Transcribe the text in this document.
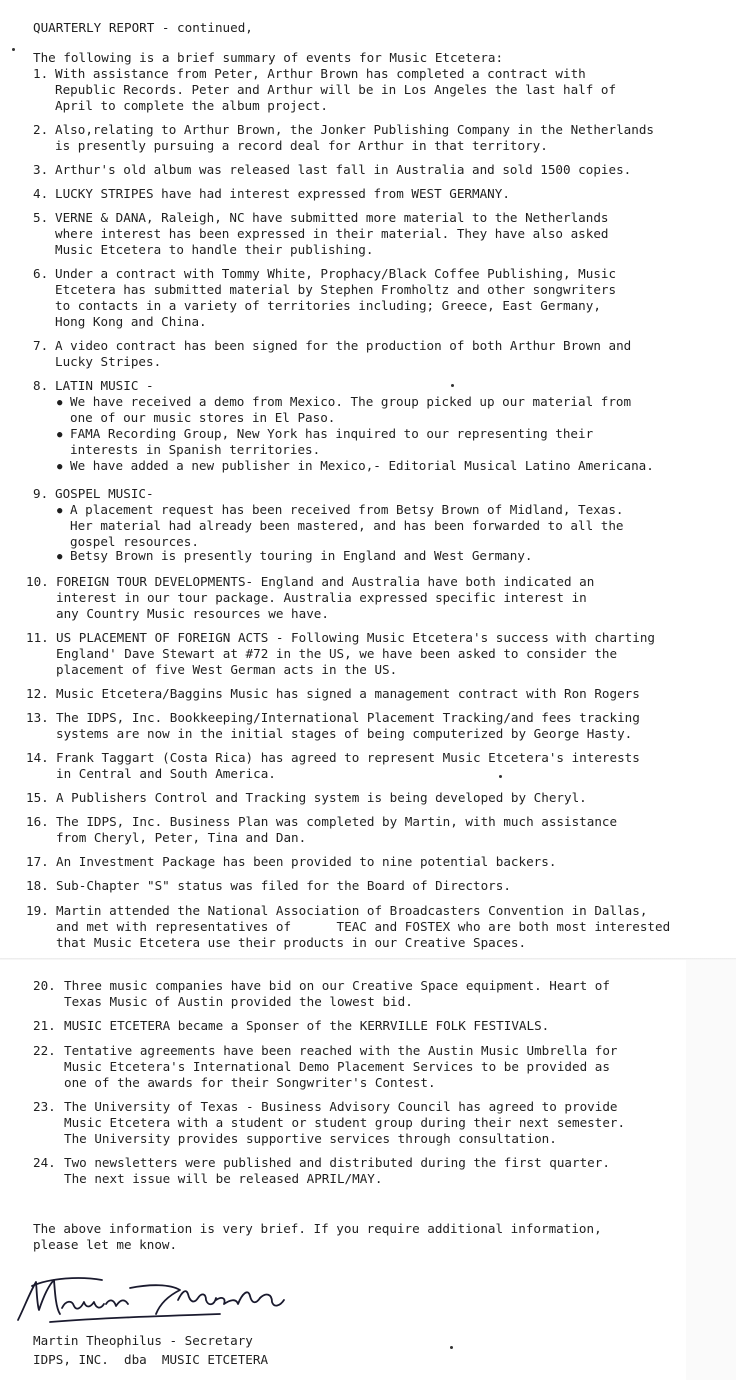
QUARTERLY REPORT - continued,
The following is a brief summary of events for Music Etcetera:
1. With assistance from Peter, Arthur Brown has completed a contract with
Republic Records. Peter and Arthur will be in Los Angeles the last half of
April to complete the album project.
2. Also,relating to Arthur Brown, the Jonker Publishing Company in the Netherlands
is presently pursuing a record deal for Arthur in that territory.
3. Arthur's old album was released last fall in Australia and sold 1500 copies.
4. LUCKY STRIPES have had interest expressed from WEST GERMANY.
5. VERNE & DANA, Raleigh, NC have submitted more material to the Netherlands
where interest has been expressed in their material. They have also asked
Music Etcetera to handle their publishing.
6. Under a contract with Tommy White, Prophacy/Black Coffee Publishing, Music
Etcetera has submitted material by Stephen Fromholtz and other songwriters
to contacts in a variety of territories including; Greece, East Germany,
Hong Kong and China.
7. A video contract has been signed for the production of both Arthur Brown and
Lucky Stripes.
8. LATIN MUSIC -
9. GOSPEL MUSIC-
10. FOREIGN TOUR DEVELOPMENTS- England and Australia have both indicated an
interest in our tour package. Australia expressed specific interest in
any Country Music resources we have.
11. US PLACEMENT OF FOREIGN ACTS - Following Music Etcetera's success with charting
England' Dave Stewart at #72 in the US, we have been asked to consider the
placement of five West German acts in the US.
12. Music Etcetera/Baggins Music has signed a management contract with Ron Rogers
13. The IDPS, Inc. Bookkeeping/International Placement Tracking/and fees tracking
systems are now in the initial stages of being computerized by George Hasty.
14. Frank Taggart (Costa Rica) has agreed to represent Music Etcetera's interests
in Central and South America.
15. A Publishers Control and Tracking system is being developed by Cheryl.
16. The IDPS, Inc. Business Plan was completed by Martin, with much assistance
from Cheryl, Peter, Tina and Dan.
17. An Investment Package has been provided to nine potential backers.
18. Sub-Chapter "S" status was filed for the Board of Directors.
19. Martin attended the National Association of Broadcasters Convention in Dallas,
and met with representatives of      TEAC and FOSTEX who are both most interested
that Music Etcetera use their products in our Creative Spaces.
20. Three music companies have bid on our Creative Space equipment. Heart of
Texas Music of Austin provided the lowest bid.
21. MUSIC ETCETERA became a Sponser of the KERRVILLE FOLK FESTIVALS.
22. Tentative agreements have been reached with the Austin Music Umbrella for
Music Etcetera's International Demo Placement Services to be provided as
one of the awards for their Songwriter's Contest.
23. The University of Texas - Business Advisory Council has agreed to provide
Music Etcetera with a student or student group during their next semester.
The University provides supportive services through consultation.
24. Two newsletters were published and distributed during the first quarter.
The next issue will be released APRIL/MAY.
● We have received a demo from Mexico. The group picked up our material from
one of our music stores in El Paso.
● FAMA Recording Group, New York has inquired to our representing their
interests in Spanish territories.
● We have added a new publisher in Mexico,- Editorial Musical Latino Americana.
● A placement request has been received from Betsy Brown of Midland, Texas.
Her material had already been mastered, and has been forwarded to all the
gospel resources.
● Betsy Brown is presently touring in England and West Germany.
The above information is very brief. If you require additional information,
please let me know.
Martin Theophilus - Secretary
IDPS, INC.  dba  MUSIC ETCETERA
